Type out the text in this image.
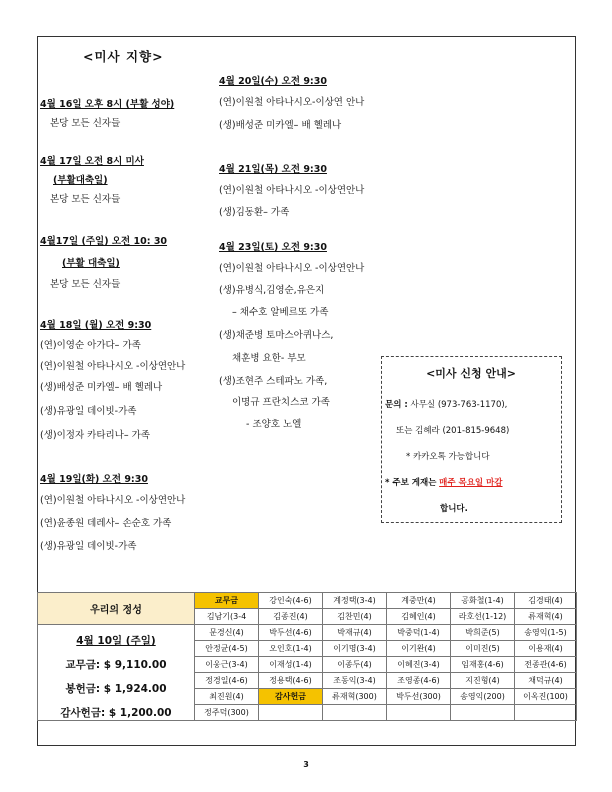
<미사 지향>
4월 16일 오후 8시 (부활 성야)
본당 모든 신자들
4월 17일 오전 8시 미사
(부활대축일)
본당 모든 신자들
4월17일 (주일) 오전 10: 30
(부활 대축일)
본당 모든 신자들
4월 18일 (월) 오전 9:30
(연)이영순 아가다– 가족
(연)이원철 아타나시오 -이상연안나
(생)배성준 미카엘– 배 헬레나
(생)유광일 데이빗-가족
(생)이정자 카타리나– 가족
4월 19일(화) 오전 9:30
(연)이원철 아타나시오 -이상연안나
(연)윤종원 데레사– 손순호 가족
(생)유광일 데이빗-가족
4월 20일(수) 오전 9:30
(연)이원철 아타나시오-이상연 안나
(생)배성준 미카엘– 배 헬레나
4월 21일(목) 오전 9:30
(연)이원철 아타나시오 -이상연안나
(생)김동환– 가족
4월 23일(토) 오전 9:30
(연)이원철 아타나시오 -이상연안나
(생)유병식,김영순,유은지
– 채수호 알베르또 가족
(생)채준병 토마스아퀴나스,
채훈병 요한- 부모
(생)조현주 스테파노 가족,
이명규 프란치스코 가족
- 조양호 노엘
<미사 신청 안내>
문의 : 사무실 (973-763-1170),
또는 김혜라 (201-815-9648)
* 카카오톡 가능합니다
* 주보 게재는 매주 목요일 마감
합니다.
우리의 정성	교무금	강인숙(4-6)	계정택(3-4)	계중만(4)	공화철(1-4)	김경태(4)
	김남기(3-4	김종진(4)	김찬민(4)	김혜인(4)	라호선(1-12)	류재혁(4)

4월 10일 (주일)
교무금: $ 9,110.00
봉헌금: $ 1,924.00
감사헌금: $ 1,200.00	문경신(4)	박두선(4-6)	박재규(4)	박중덕(1-4)	박희준(5)	송영익(1-5)
	안정균(4-5)	오인호(1-4)	이기명(3-4)	이기완(4)	이미진(5)	이용재(4)
	이웅근(3-4)	이재성(1-4)	이종두(4)	이혜진(3-4)	임재홍(4-6)	전종관(4-6)
	정경일(4-6)	정용택(4-6)	조동익(3-4)	조영종(4-6)	지진형(4)	채덕규(4)
	최진원(4)	감사헌금	류재혁(300)	박두선(300)	송영익(200)	이옥진(100)
	정주덕(300)					
3
